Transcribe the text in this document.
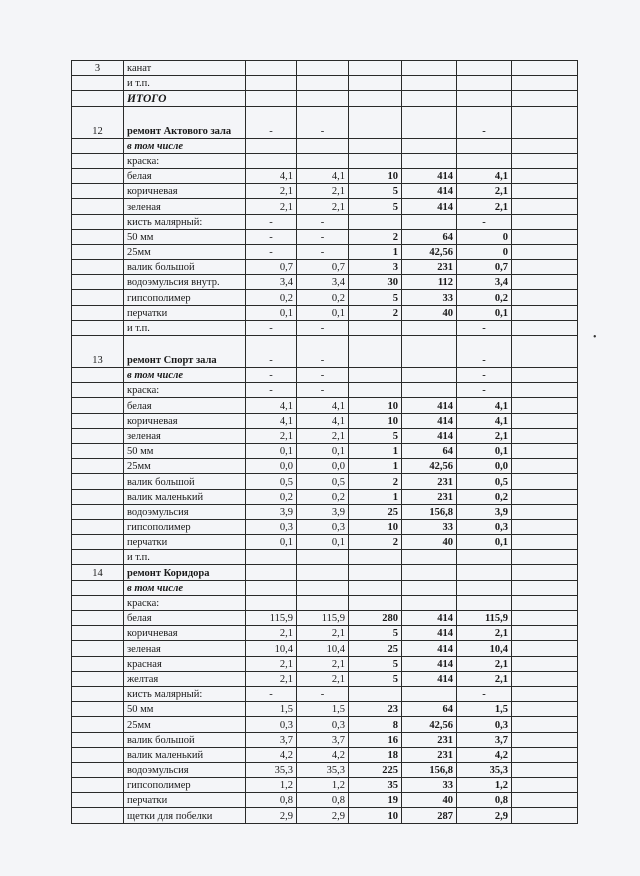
3	канат						
	и т.п.						
	ИТОГО						
12	ремонт Актового зала	-	-			-	
	в том числе						
	краска:						
	белая	4,1	4,1	10	414	4,1	
	коричневая	2,1	2,1	5	414	2,1	
	зеленая	2,1	2,1	5	414	2,1	
	кисть малярный:	-	-			-	
	50 мм	-	-	2	64	0	
	25мм	-	-	1	42,56	0	
	валик большой	0,7	0,7	3	231	0,7	
	водоэмульсия внутр.	3,4	3,4	30	112	3,4	
	гипсополимер	0,2	0,2	5	33	0,2	
	перчатки	0,1	0,1	2	40	0,1	
	и т.п.	-	-			-	
13	ремонт Спорт зала	-	-			-	
	в том числе	-	-			-	
	краска:	-	-			-	
	белая	4,1	4,1	10	414	4,1	
	коричневая	4,1	4,1	10	414	4,1	
	зеленая	2,1	2,1	5	414	2,1	
	50 мм	0,1	0,1	1	64	0,1	
	25мм	0,0	0,0	1	42,56	0,0	
	валик большой	0,5	0,5	2	231	0,5	
	валик маленький	0,2	0,2	1	231	0,2	
	водоэмульсия	3,9	3,9	25	156,8	3,9	
	гипсополимер	0,3	0,3	10	33	0,3	
	перчатки	0,1	0,1	2	40	0,1	
	и т.п.						
14	ремонт Коридора						
	в том числе						
	краска:						
	белая	115,9	115,9	280	414	115,9	
	коричневая	2,1	2,1	5	414	2,1	
	зеленая	10,4	10,4	25	414	10,4	
	красная	2,1	2,1	5	414	2,1	
	желтая	2,1	2,1	5	414	2,1	
	кисть малярный:	-	-			-	
	50 мм	1,5	1,5	23	64	1,5	
	25мм	0,3	0,3	8	42,56	0,3	
	валик большой	3,7	3,7	16	231	3,7	
	валик маленький	4,2	4,2	18	231	4,2	
	водоэмульсия	35,3	35,3	225	156,8	35,3	
	гипсополимер	1,2	1,2	35	33	1,2	
	перчатки	0,8	0,8	19	40	0,8	
	щетки для побелки	2,9	2,9	10	287	2,9	
•
